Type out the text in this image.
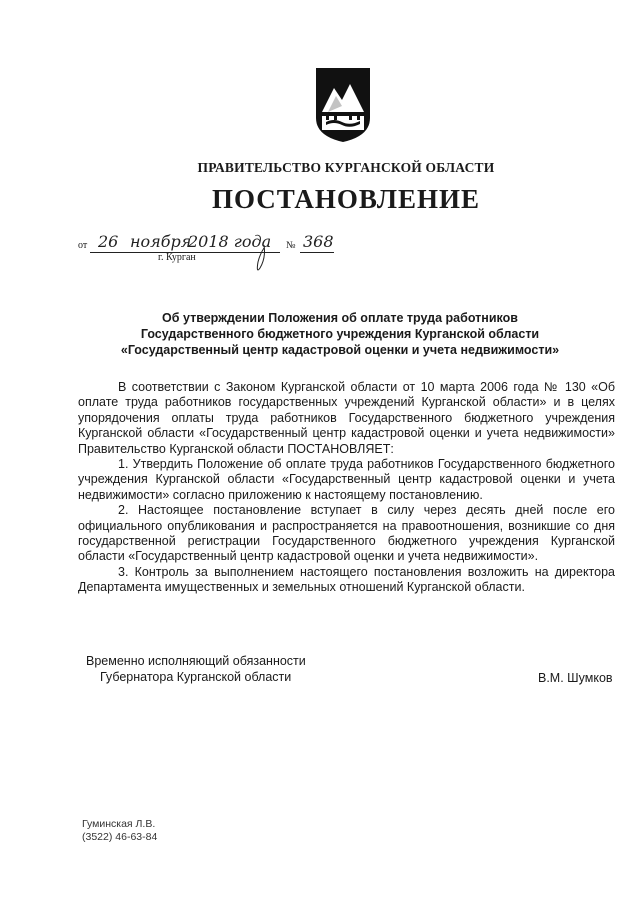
ПРАВИТЕЛЬСТВО КУРГАНСКОЙ ОБЛАСТИ
ПОСТАНОВЛЕНИЕ
от 26 ноября
2018 года № 368
г. Курган
Об утверждении Положения об оплате труда работников
Государственного бюджетного учреждения Курганской области
«Государственный центр кадастровой оценки и учета недвижимости»

В соответствии с Законом Курганской области от 10 марта 2006 года № 130 «Об оплате труда работников государственных учреждений Курганской области» и в целях упорядочения оплаты труда работников Государственного бюджетного учреждения Курганской области «Государственный центр кадастровой оценки и учета недвижимости» Правительство Курганской области ПОСТАНОВЛЯЕТ:

1. Утвердить Положение об оплате труда работников Государственного бюджетного учреждения Курганской области «Государственный центр кадастровой оценки и учета недвижимости» согласно приложению к настоящему постановлению.

2. Настоящее постановление вступает в силу через десять дней после его официального опубликования и распространяется на правоотношения, возникшие со дня государственной регистрации Государственного бюджетного учреждения Курганской области «Государственный центр кадастровой оценки и учета недвижимости».

3. Контроль за выполнением настоящего постановления возложить на директора Департамента имущественных и земельных отношений Курганской области.

Временно исполняющий обязанности
Губернатора Курганской области	В.М. Шумков
Гуминская Л.В.
(3522) 46-63-84
